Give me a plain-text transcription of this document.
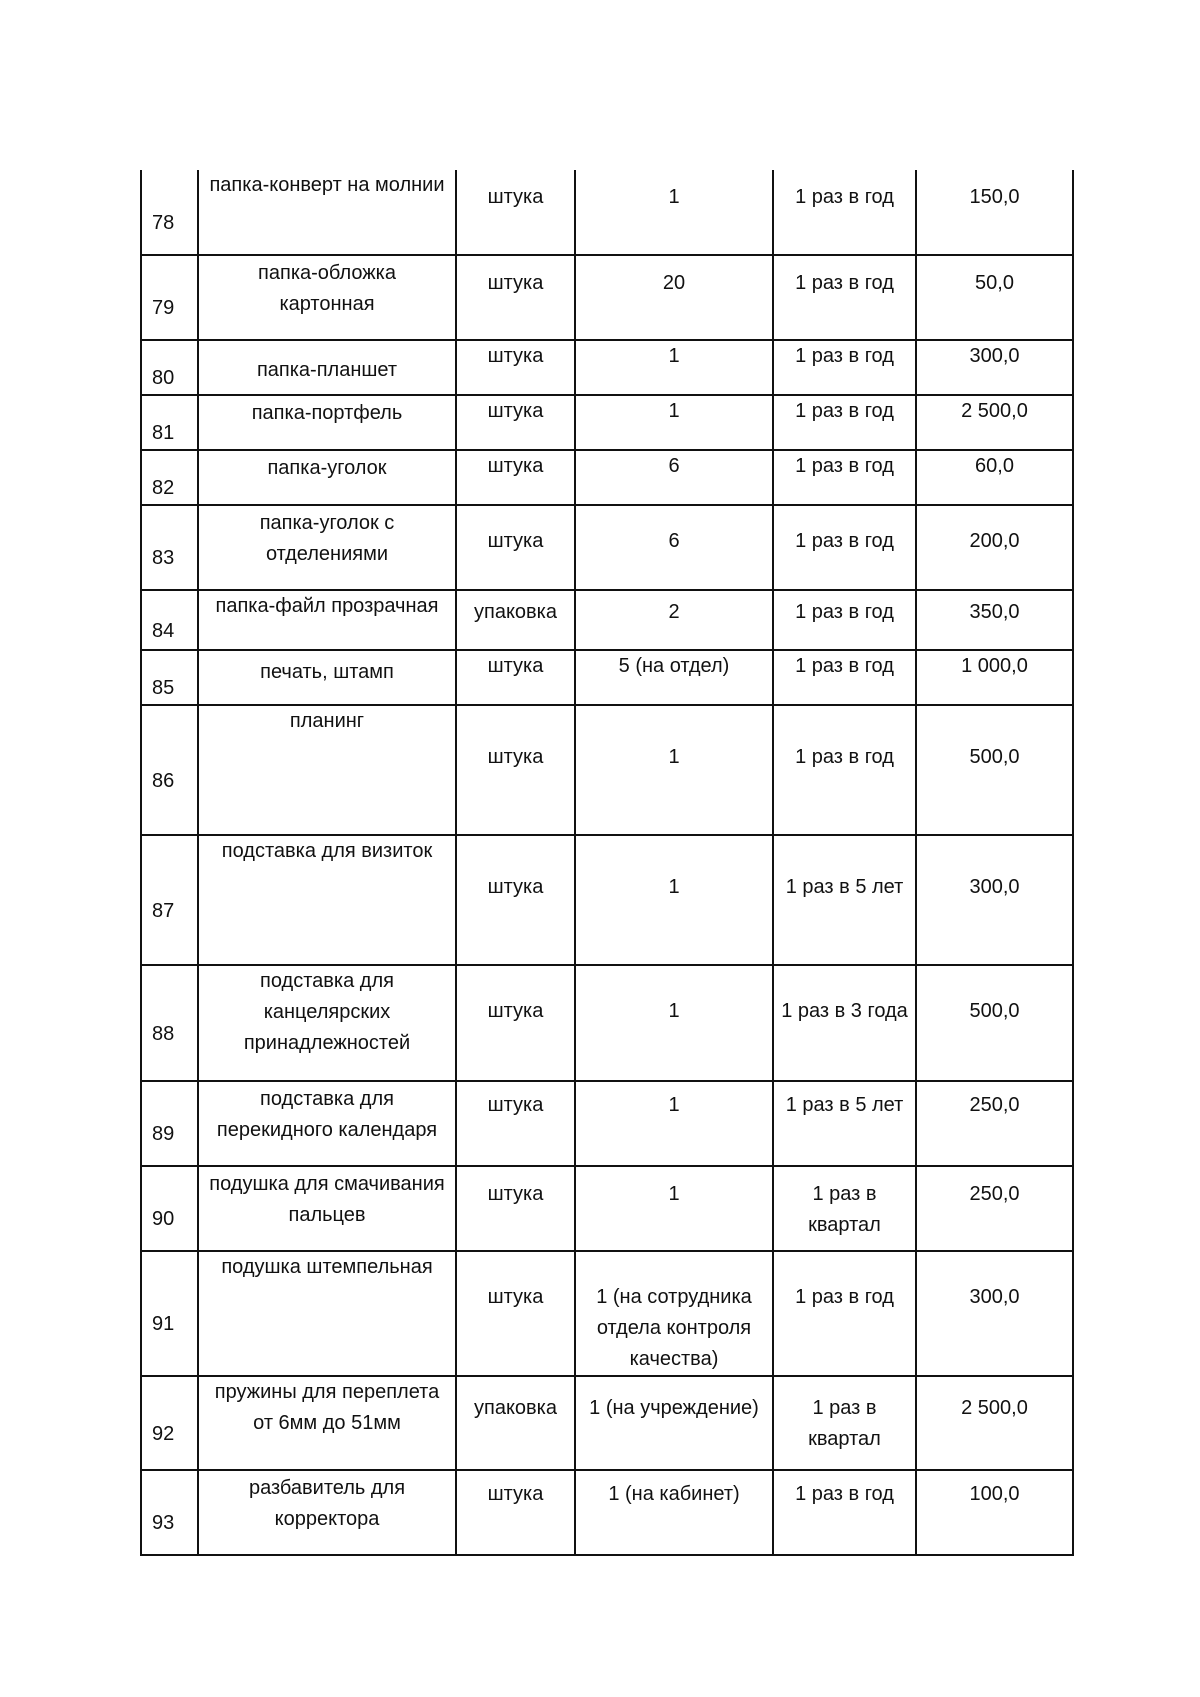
78	папка-конверт на молнии	штука	1	1 раз в год	150,0
79	папка-обложка картонная	штука	20	1 раз в год	50,0
80	папка-планшет	штука	1	1 раз в год	300,0
81	папка-портфель	штука	1	1 раз в год	2 500,0
82	папка-уголок	штука	6	1 раз в год	60,0
83	папка-уголок с отделениями	штука	6	1 раз в год	200,0
84	папка-файл прозрачная	упаковка	2	1 раз в год	350,0
85	печать, штамп	штука	5 (на отдел)	1 раз в год	1 000,0
86	планинг	штука	1	1 раз в год	500,0
87	подставка для визиток	штука	1	1 раз в 5 лет	300,0
88	подставка для канцелярских принадлежностей	штука	1	1 раз в 3 года	500,0
89	подставка для перекидного календаря	штука	1	1 раз в 5 лет	250,0
90	подушка для смачивания пальцев	штука	1	1 раз в квартал	250,0
91	подушка штемпельная	штука	1 (на сотрудника отдела контроля качества)	1 раз в год	300,0
92	пружины для переплета от 6мм до 51мм	упаковка	1 (на учреждение)	1 раз в квартал	2 500,0
93	разбавитель для корректора	штука	1 (на кабинет)	1 раз в год	100,0
